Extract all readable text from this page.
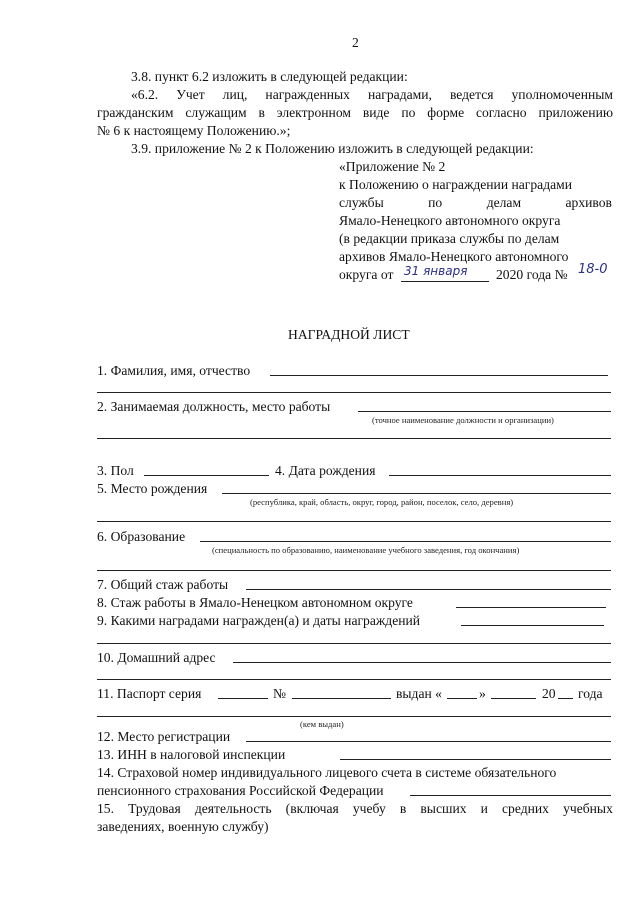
2
3.8. пункт 6.2 изложить в следующей редакции:
«6.2. Учет лиц, награжденных наградами, ведется уполномоченным
гражданским служащим в электронном виде по форме согласно приложению
№ 6 к настоящему Положению.»;
3.9. приложение № 2 к Положению изложить в следующей редакции:
«Приложение № 2
к Положению о награждении наградами
службы	по	делам	архивов
Ямало-Ненецкого автономного округа
(в редакции приказа службы по делам
архивов Ямало-Ненецкого автономного
округа от 31 января 2020 года № 18-0
НАГРАДНОЙ ЛИСТ
1. Фамилия, имя, отчество
2. Занимаемая должность, место работы
(точное наименование должности и организации)
3. Пол	4. Дата рождения
5. Место рождения
(республика, край, область, округ, город, район, поселок, село, деревня)
6. Образование
(специальность по образованию, наименование учебного заведения, год окончания)
7. Общий стаж работы
8. Стаж работы в Ямало-Ненецком автономном округе
9. Какими наградами награжден(а) и даты награждений
10. Домашний адрес
11. Паспорт серия	№	выдан «	»	20 года
(кем выдан)
12. Место регистрации
13. ИНН в налоговой инспекции
14. Страховой номер индивидуального лицевого счета в системе обязательного
пенсионного страхования Российской Федерации
15. Трудовая деятельность (включая учебу в высших и средних учебных
заведениях, военную службу)
